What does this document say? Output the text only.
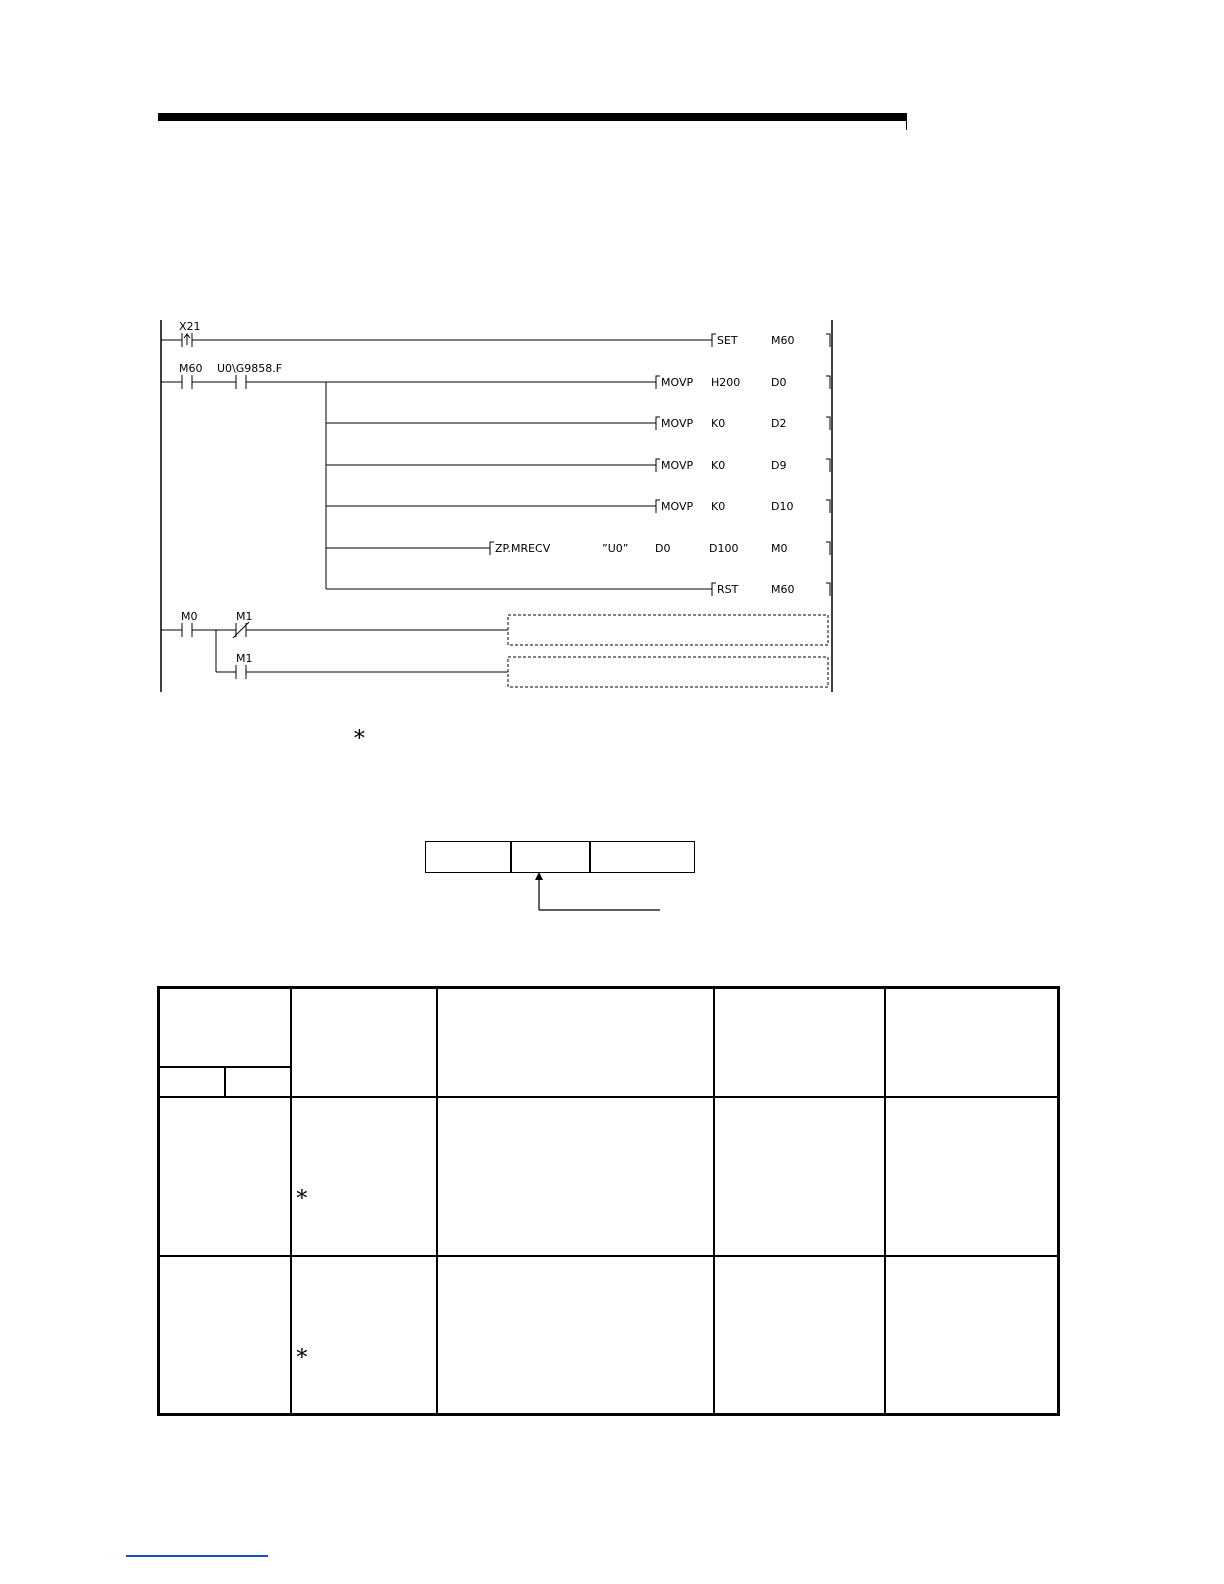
X21
M60 U0\G9858.F
SET	M60
MOVP H200	D0
MOVP K0	D2
MOVP K0	D9
MOVP K0	D10
ZP.MRECV	”U0” D0	D100	M0
RST	M60
M0	M1
M1
∗

	∗			

	∗			
